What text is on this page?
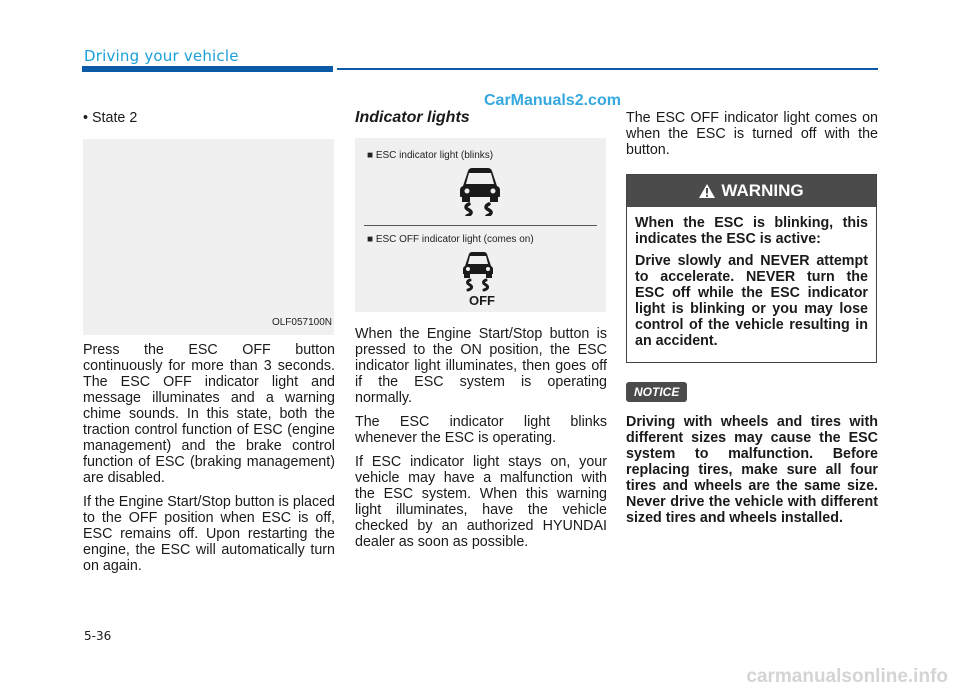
Driving your vehicle
CarManuals2.com

• State 2

OLF057100N

Press the ESC OFF button continuously for more than 3 seconds. The ESC OFF indicator light and message illuminates and a warning chime sounds. In this state, both the traction control function of ESC (engine management) and the brake control function of ESC (braking management) are disabled.

If the Engine Start/Stop button is placed to the OFF position when ESC is off, ESC remains off. Upon restarting the engine, the ESC will automatically turn on again.

Indicator lights
■ ESC indicator light (blinks)
■ ESC OFF indicator light (comes on)
OFF

When the Engine Start/Stop button is pressed to the ON position, the ESC indicator light illuminates, then goes off if the ESC system is operating normally.

The ESC indicator light blinks whenever the ESC is operating.

If ESC indicator light stays on, your vehicle may have a malfunction with the ESC system. When this warning light illuminates, have the vehicle checked by an authorized HYUNDAI dealer as soon as possible.

The ESC OFF indicator light comes on when the ESC is turned off with the button.

WARNING

When the ESC is blinking, this indicates the ESC is active:

Drive slowly and NEVER attempt to accelerate. NEVER turn the ESC off while the ESC indicator light is blinking or you may lose control of the vehicle resulting in an accident.

NOTICE
Driving with wheels and tires with different sizes may cause the ESC system to malfunction. Before replacing tires, make sure all four tires and wheels are the same size. Never drive the vehicle with different sized tires and wheels installed.
5-36
carmanualsonline.info
